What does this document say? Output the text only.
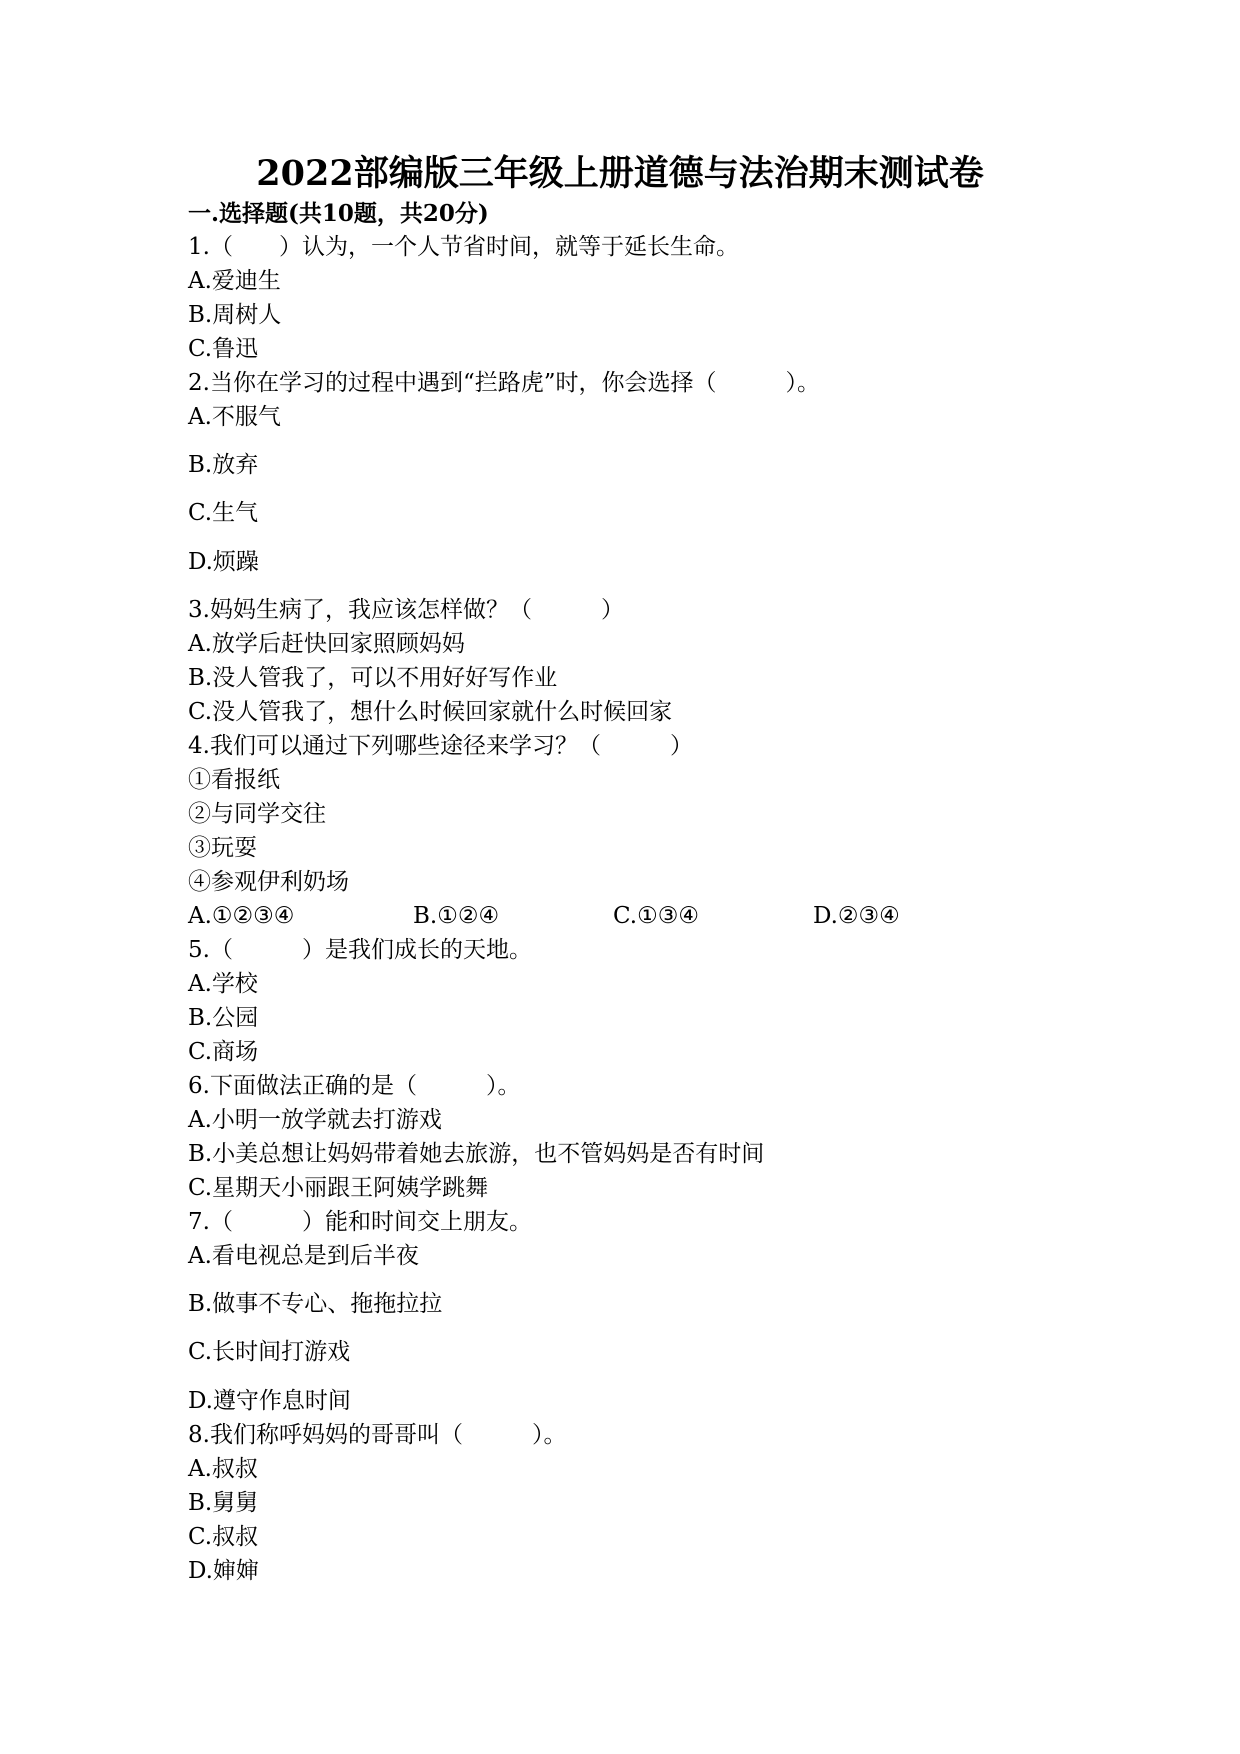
2022部编版三年级上册道德与法治期末测试卷
一.选择题(共10题，共20分)
1.（　　）认为，一个人节省时间，就等于延长生命。
A.爱迪生
B.周树人
C.鲁迅
2.当你在学习的过程中遇到“拦路虎”时，你会选择（　　　）。
A.不服气
B.放弃
C.生气
D.烦躁
3.妈妈生病了，我应该怎样做？（　　　）
A.放学后赶快回家照顾妈妈
B.没人管我了，可以不用好好写作业
C.没人管我了，想什么时候回家就什么时候回家
4.我们可以通过下列哪些途径来学习？（　　　）
①看报纸
②与同学交往
③玩耍
④参观伊利奶场
A.①②③④	B.①②④	C.①③④	D.②③④
5.（　　　）是我们成长的天地。
A.学校
B.公园
C.商场
6.下面做法正确的是（　　　）。
A.小明一放学就去打游戏
B.小美总想让妈妈带着她去旅游，也不管妈妈是否有时间
C.星期天小丽跟王阿姨学跳舞
7.（　　　）能和时间交上朋友。
A.看电视总是到后半夜
B.做事不专心、拖拖拉拉
C.长时间打游戏
D.遵守作息时间
8.我们称呼妈妈的哥哥叫（　　　）。
A.叔叔
B.舅舅
C.叔叔
D.婶婶
